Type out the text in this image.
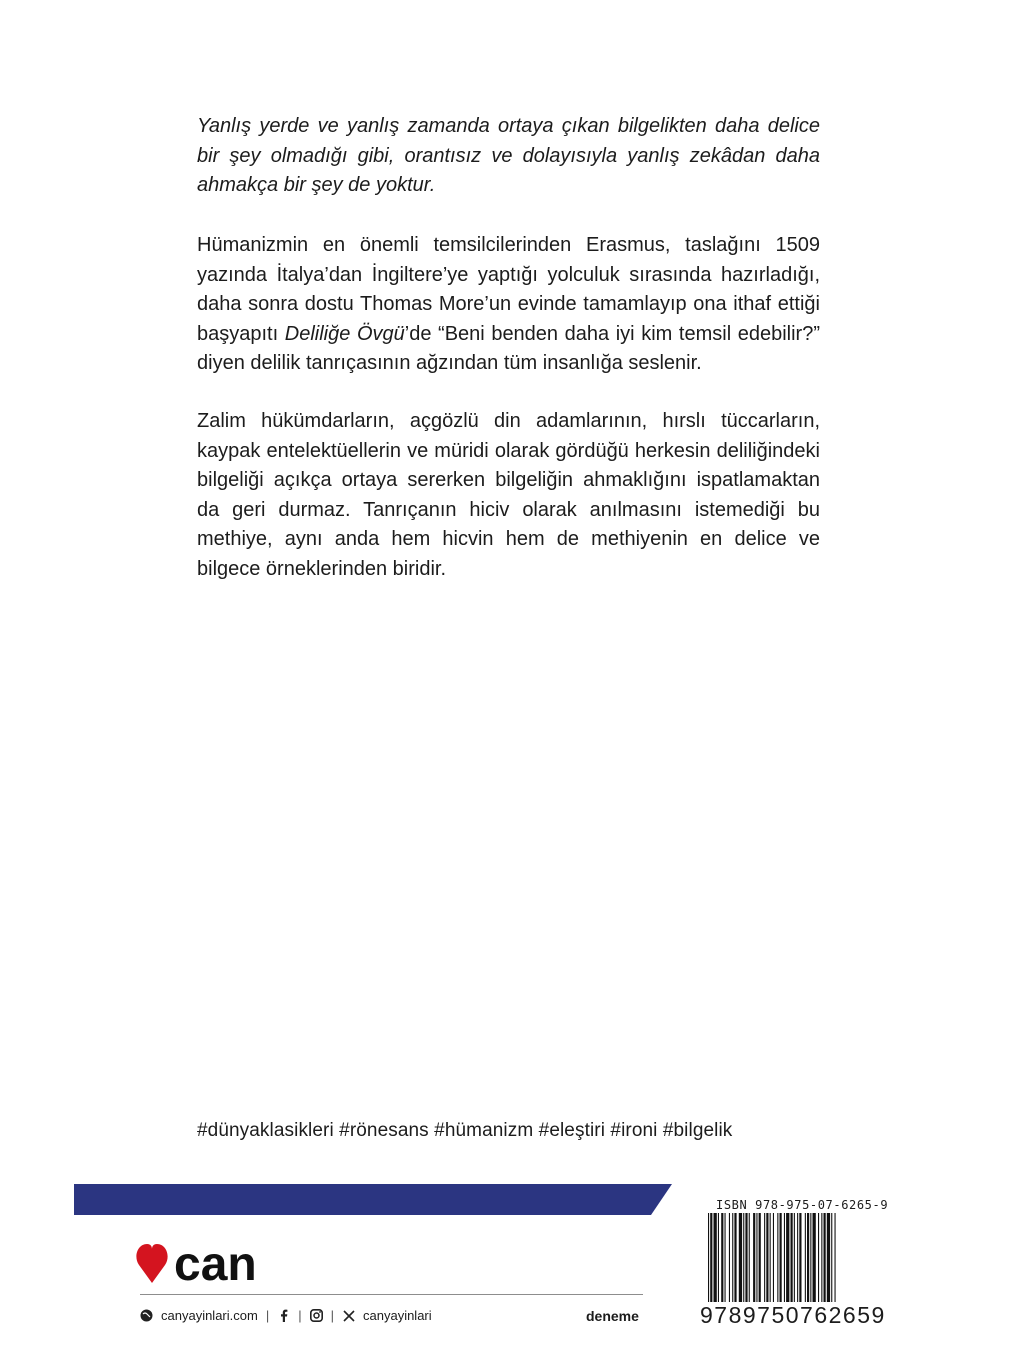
Yanlış yerde ve yanlış zamanda ortaya çıkan bilgelikten daha delice bir şey olmadığı gibi, orantısız ve dolayısıyla yanlış zekâdan daha ahmakça bir şey de yoktur.

Hümanizmin en önemli temsilcilerinden Erasmus, taslağını 1509 yazında İtalya’dan İngiltere’ye yaptığı yolculuk sırasında hazırladığı, daha sonra dostu Thomas More’un evinde tamamlayıp ona ithaf ettiği başyapıtı Deliliğe Övgü’de “Beni benden daha iyi kim temsil edebilir?” diyen delilik tanrıçasının ağzından tüm insanlığa seslenir.

Zalim hükümdarların, açgözlü din adamlarının, hırslı tüccarların, kaypak entelektüellerin ve müridi olarak gördüğü herkesin deliliğindeki bilgeliği açıkça ortaya sererken bilgeliğin ahmaklığını ispatlamaktan da geri durmaz. Tanrıçanın hiciv olarak anılmasını istemediği bu methiye, aynı anda hem hicvin hem de methiyenin en delice ve bilgece örneklerinden biridir.

#dünyaklasikleri #rönesans #hümanizm #eleştiri #ironi #bilgelik
can
canyayinlari.com | | | canyayinlari	deneme
ISBN 978-975-07-6265-9
9789750762659
